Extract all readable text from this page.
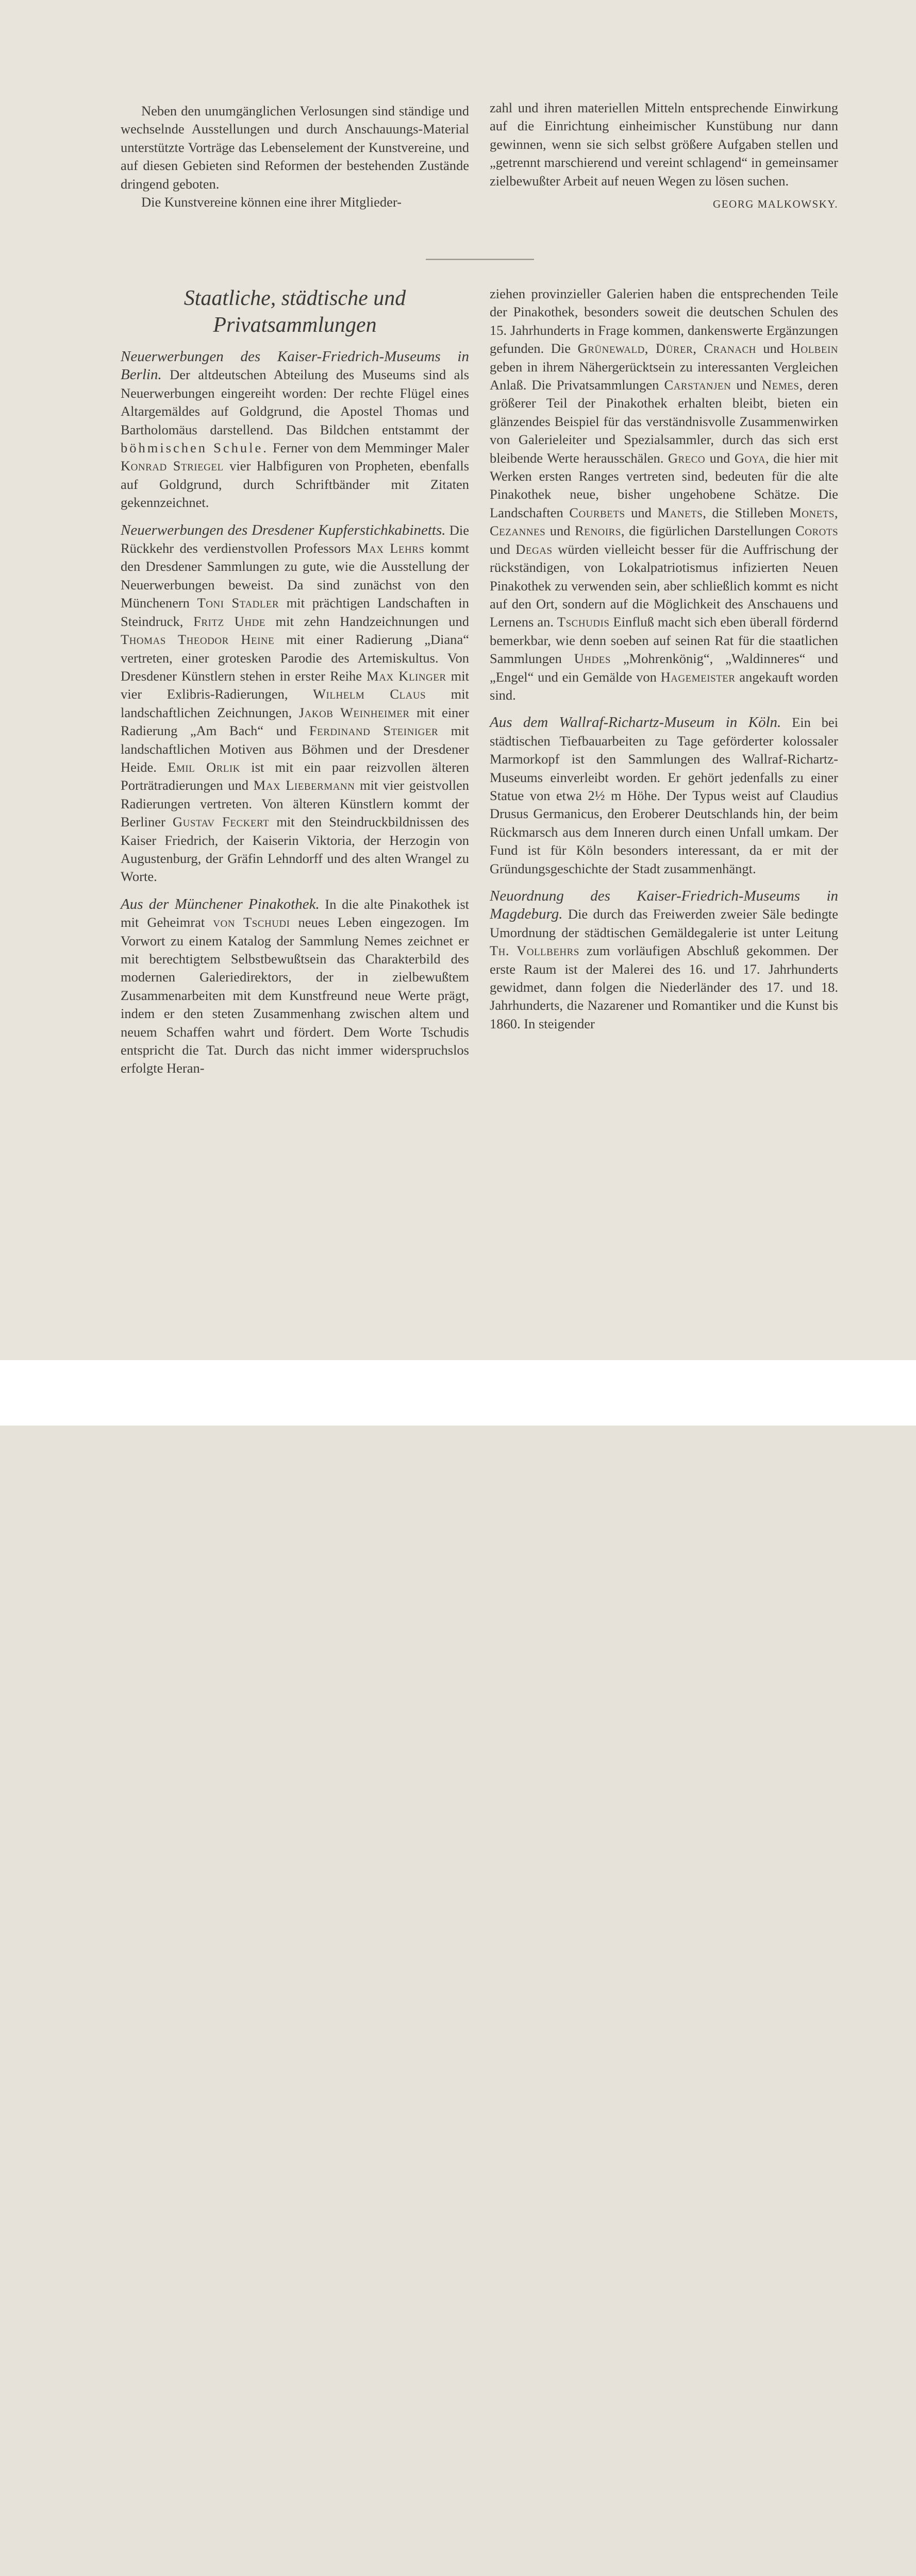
Neben den unumgänglichen Verlosungen sind ständige und wechselnde Ausstellungen und durch Anschauungs-Material unterstützte Vorträge das Lebenselement der Kunstvereine, und auf diesen Gebieten sind Reformen der bestehenden Zustände dringend geboten.

Die Kunstvereine können eine ihrer Mitglieder-

zahl und ihren materiellen Mitteln entsprechende Einwirkung auf die Einrichtung einheimischer Kunstübung nur dann gewinnen, wenn sie sich selbst größere Aufgaben stellen und „getrennt marschierend und vereint schlagend“ in gemeinsamer zielbewußter Arbeit auf neuen Wegen zu lösen suchen.
GEORG MALKOWSKY.

Staatliche, städtische und Privatsammlungen

Neuerwerbungen des Kaiser-Friedrich-Museums in Berlin. Der altdeutschen Abteilung des Museums sind als Neuerwerbungen eingereiht worden: Der rechte Flügel eines Altargemäldes auf Goldgrund, die Apostel Thomas und Bartholomäus darstellend. Das Bildchen entstammt der böhmischen Schule. Ferner von dem Memminger Maler Konrad Striegel vier Halbfiguren von Propheten, ebenfalls auf Goldgrund, durch Schriftbänder mit Zitaten gekennzeichnet.

Neuerwerbungen des Dresdener Kupferstichkabinetts. Die Rückkehr des verdienstvollen Professors Max Lehrs kommt den Dresdener Sammlungen zu gute, wie die Ausstellung der Neuerwerbungen beweist. Da sind zunächst von den Münchenern Toni Stadler mit prächtigen Landschaften in Steindruck, Fritz Uhde mit zehn Handzeichnungen und Thomas Theodor Heine mit einer Radierung „Diana“ vertreten, einer grotesken Parodie des Artemiskultus. Von Dresdener Künstlern stehen in erster Reihe Max Klinger mit vier Exlibris-Radierungen, Wilhelm Claus mit landschaftlichen Zeichnungen, Jakob Weinheimer mit einer Radierung „Am Bach“ und Ferdinand Steiniger mit landschaftlichen Motiven aus Böhmen und der Dresdener Heide. Emil Orlik ist mit ein paar reizvollen älteren Porträtradierungen und Max Liebermann mit vier geistvollen Radierungen vertreten. Von älteren Künstlern kommt der Berliner Gustav Feckert mit den Steindruckbildnissen des Kaiser Friedrich, der Kaiserin Viktoria, der Herzogin von Augustenburg, der Gräfin Lehndorff und des alten Wrangel zu Worte.

Aus der Münchener Pinakothek. In die alte Pinakothek ist mit Geheimrat von Tschudi neues Leben eingezogen. Im Vorwort zu einem Katalog der Sammlung Nemes zeichnet er mit berechtigtem Selbstbewußtsein das Charakterbild des modernen Galeriedirektors, der in zielbewußtem Zusammenarbeiten mit dem Kunstfreund neue Werte prägt, indem er den steten Zusammenhang zwischen altem und neuem Schaffen wahrt und fördert. Dem Worte Tschudis entspricht die Tat. Durch das nicht immer widerspruchslos erfolgte Heran-

ziehen provinzieller Galerien haben die entsprechenden Teile der Pinakothek, besonders soweit die deutschen Schulen des 15. Jahrhunderts in Frage kommen, dankenswerte Ergänzungen gefunden. Die Grünewald, Dürer, Cranach und Holbein geben in ihrem Nähergerücktsein zu interessanten Vergleichen Anlaß. Die Privatsammlungen Carstanjen und Nemes, deren größerer Teil der Pinakothek erhalten bleibt, bieten ein glänzendes Beispiel für das verständnisvolle Zusammenwirken von Galerieleiter und Spezialsammler, durch das sich erst bleibende Werte herausschälen. Greco und Goya, die hier mit Werken ersten Ranges vertreten sind, bedeuten für die alte Pinakothek neue, bisher ungehobene Schätze. Die Landschaften Courbets und Manets, die Stilleben Monets, Cezannes und Renoirs, die figürlichen Darstellungen Corots und Degas würden vielleicht besser für die Auffrischung der rückständigen, von Lokalpatriotismus infizierten Neuen Pinakothek zu verwenden sein, aber schließlich kommt es nicht auf den Ort, sondern auf die Möglichkeit des Anschauens und Lernens an. Tschudis Einfluß macht sich eben überall fördernd bemerkbar, wie denn soeben auf seinen Rat für die staatlichen Sammlungen Uhdes „Mohrenkönig“, „Waldinneres“ und „Engel“ und ein Gemälde von Hagemeister angekauft worden sind.

Aus dem Wallraf-Richartz-Museum in Köln. Ein bei städtischen Tiefbauarbeiten zu Tage geförderter kolossaler Marmorkopf ist den Sammlungen des Wallraf-Richartz-Museums einverleibt worden. Er gehört jedenfalls zu einer Statue von etwa 2½ m Höhe. Der Typus weist auf Claudius Drusus Germanicus, den Eroberer Deutschlands hin, der beim Rückmarsch aus dem Inneren durch einen Unfall umkam. Der Fund ist für Köln besonders interessant, da er mit der Gründungsgeschichte der Stadt zusammenhängt.

Neuordnung des Kaiser-Friedrich-Museums in Magdeburg. Die durch das Freiwerden zweier Säle bedingte Umordnung der städtischen Gemäldegalerie ist unter Leitung Th. Vollbehrs zum vorläufigen Abschluß gekommen. Der erste Raum ist der Malerei des 16. und 17. Jahrhunderts gewidmet, dann folgen die Niederländer des 17. und 18. Jahrhunderts, die Nazarener und Romantiker und die Kunst bis 1860. In steigender
